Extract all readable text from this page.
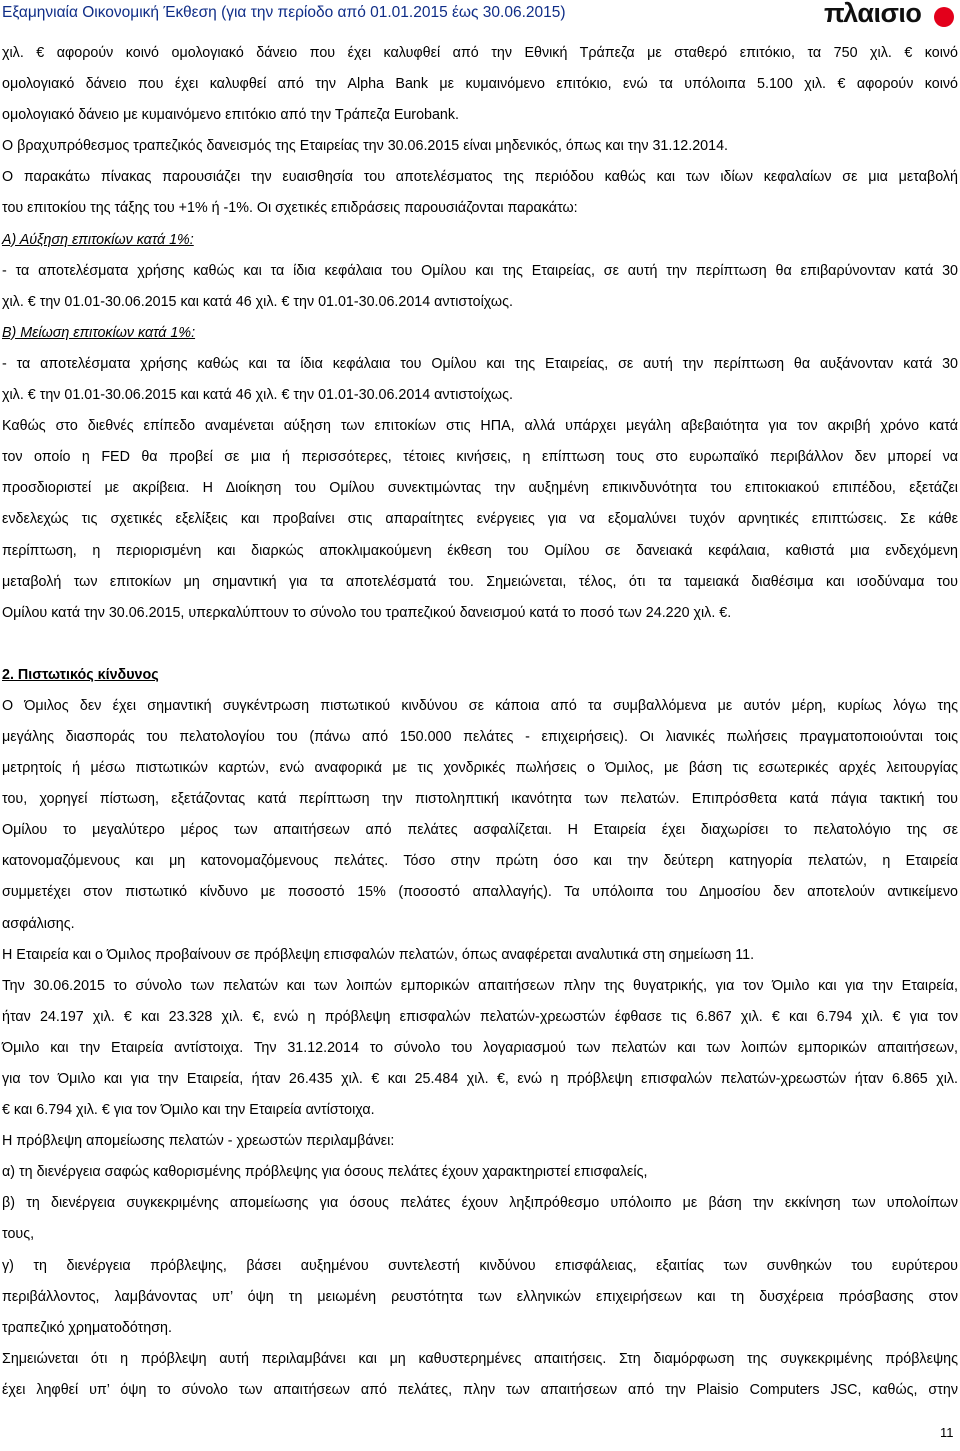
Εξαμηνιαία Οικονομική Έκθεση (για την περίοδο από 01.01.2015 έως 30.06.2015)	πλαισιο

χιλ. € αφορούν κοινό ομολογιακό δάνειο που έχει καλυφθεί από την Εθνική Τράπεζα με σταθερό επιτόκιο, τα 750 χιλ. € κοινό

ομολογιακό δάνειο που έχει καλυφθεί από την Alpha Bank με κυμαινόμενο επιτόκιο, ενώ τα υπόλοιπα 5.100 χιλ. € αφορούν κοινό

ομολογιακό δάνειο με κυμαινόμενο επιτόκιο από την Τράπεζα Eurobank.

Ο βραχυπρόθεσμος τραπεζικός δανεισμός της Εταιρείας την 30.06.2015 είναι μηδενικός, όπως και την 31.12.2014.

Ο παρακάτω πίνακας παρουσιάζει την ευαισθησία του αποτελέσματος της περιόδου καθώς και των ιδίων κεφαλαίων σε μια μεταβολή

του επιτοκίου της τάξης του +1% ή -1%. Οι σχετικές επιδράσεις παρουσιάζονται παρακάτω:

Α) Αύξηση επιτοκίων κατά 1%:

- τα αποτελέσματα χρήσης καθώς και τα ίδια κεφάλαια του Ομίλου και της Εταιρείας, σε αυτή την περίπτωση θα επιβαρύνονταν κατά 30

χιλ. € την 01.01-30.06.2015 και κατά 46 χιλ. € την 01.01-30.06.2014 αντιστοίχως.

Β) Μείωση επιτοκίων κατά 1%:

- τα αποτελέσματα χρήσης καθώς και τα ίδια κεφάλαια του Ομίλου και της Εταιρείας, σε αυτή την περίπτωση θα αυξάνονταν κατά 30

χιλ. € την 01.01-30.06.2015 και κατά 46 χιλ. € την 01.01-30.06.2014 αντιστοίχως.

Καθώς στο διεθνές επίπεδο αναμένεται αύξηση των επιτοκίων στις ΗΠΑ, αλλά υπάρχει μεγάλη αβεβαιότητα για τον ακριβή χρόνο κατά

τον οποίο η FED θα προβεί σε μια ή περισσότερες, τέτοιες κινήσεις, η επίπτωση τους στο ευρωπαϊκό περιβάλλον δεν μπορεί να

προσδιοριστεί με ακρίβεια. Η Διοίκηση του Ομίλου συνεκτιμώντας την αυξημένη επικινδυνότητα του επιτοκιακού επιπέδου, εξετάζει

ενδελεχώς τις σχετικές εξελίξεις και προβαίνει στις απαραίτητες ενέργειες για να εξομαλύνει τυχόν αρνητικές επιπτώσεις. Σε κάθε

περίπτωση, η περιορισμένη και διαρκώς αποκλιμακούμενη έκθεση του Ομίλου σε δανειακά κεφάλαια, καθιστά μια ενδεχόμενη

μεταβολή των επιτοκίων μη σημαντική για τα αποτελέσματά του. Σημειώνεται, τέλος, ότι τα ταμειακά διαθέσιμα και ισοδύναμα του

Ομίλου κατά την 30.06.2015, υπερκαλύπτουν το σύνολο του τραπεζικού δανεισμού κατά το ποσό των 24.220 χιλ. €.

2. Πιστωτικός κίνδυνος

Ο Όμιλος δεν έχει σημαντική συγκέντρωση πιστωτικού κινδύνου σε κάποια από τα συμβαλλόμενα με αυτόν μέρη, κυρίως λόγω της

μεγάλης διασποράς του πελατολογίου του (πάνω από 150.000 πελάτες - επιχειρήσεις). Οι λιανικές πωλήσεις πραγματοποιούνται τοις

μετρητοίς ή μέσω πιστωτικών καρτών, ενώ αναφορικά με τις χονδρικές πωλήσεις ο Όμιλος, με βάση τις εσωτερικές αρχές λειτουργίας

του, χορηγεί πίστωση, εξετάζοντας κατά περίπτωση την πιστοληπτική ικανότητα των πελατών. Επιπρόσθετα κατά πάγια τακτική του

Ομίλου το μεγαλύτερο μέρος των απαιτήσεων από πελάτες ασφαλίζεται. Η Εταιρεία έχει διαχωρίσει το πελατολόγιο της σε

κατονομαζόμενους και μη κατονομαζόμενους πελάτες. Τόσο στην πρώτη όσο και την δεύτερη κατηγορία πελατών, η Εταιρεία

συμμετέχει στον πιστωτικό κίνδυνο με ποσοστό 15% (ποσοστό απαλλαγής). Τα υπόλοιπα του Δημοσίου δεν αποτελούν αντικείμενο

ασφάλισης.

Η Εταιρεία και ο Όμιλος προβαίνουν σε πρόβλεψη επισφαλών πελατών, όπως αναφέρεται αναλυτικά στη σημείωση 11.

Την 30.06.2015 το σύνολο των πελατών και των λοιπών εμπορικών απαιτήσεων πλην της θυγατρικής, για τον Όμιλο και για την Εταιρεία,

ήταν 24.197 χιλ. € και 23.328 χιλ. €, ενώ η πρόβλεψη επισφαλών πελατών-χρεωστών έφθασε τις 6.867 χιλ. € και 6.794 χιλ. € για τον

Όμιλο και την Εταιρεία αντίστοιχα. Την 31.12.2014 το σύνολο του λογαριασμού των πελατών και των λοιπών εμπορικών απαιτήσεων,

για τον Όμιλο και για την Εταιρεία, ήταν 26.435 χιλ. € και 25.484 χιλ. €, ενώ η πρόβλεψη επισφαλών πελατών-χρεωστών ήταν 6.865 χιλ.

€ και 6.794 χιλ. € για τον Όμιλο και την Εταιρεία αντίστοιχα.

Η πρόβλεψη απομείωσης πελατών - χρεωστών περιλαμβάνει:

α) τη διενέργεια σαφώς καθορισμένης πρόβλεψης για όσους πελάτες έχουν χαρακτηριστεί επισφαλείς,

β) τη διενέργεια συγκεκριμένης απομείωσης για όσους πελάτες έχουν ληξιπρόθεσμο υπόλοιπο με βάση την εκκίνηση των υπολοίπων

τους,

γ) τη διενέργεια πρόβλεψης, βάσει αυξημένου συντελεστή κινδύνου επισφάλειας, εξαιτίας των συνθηκών του ευρύτερου

περιβάλλοντος, λαμβάνοντας υπ’ όψη τη μειωμένη ρευστότητα των ελληνικών επιχειρήσεων και τη δυσχέρεια πρόσβασης στον

τραπεζικό χρηματοδότηση.

Σημειώνεται ότι η πρόβλεψη αυτή περιλαμβάνει και μη καθυστερημένες απαιτήσεις. Στη διαμόρφωση της συγκεκριμένης πρόβλεψης

έχει ληφθεί υπ’ όψη το σύνολο των απαιτήσεων από πελάτες, πλην των απαιτήσεων από την Plaisio Computers JSC, καθώς, στην

11
